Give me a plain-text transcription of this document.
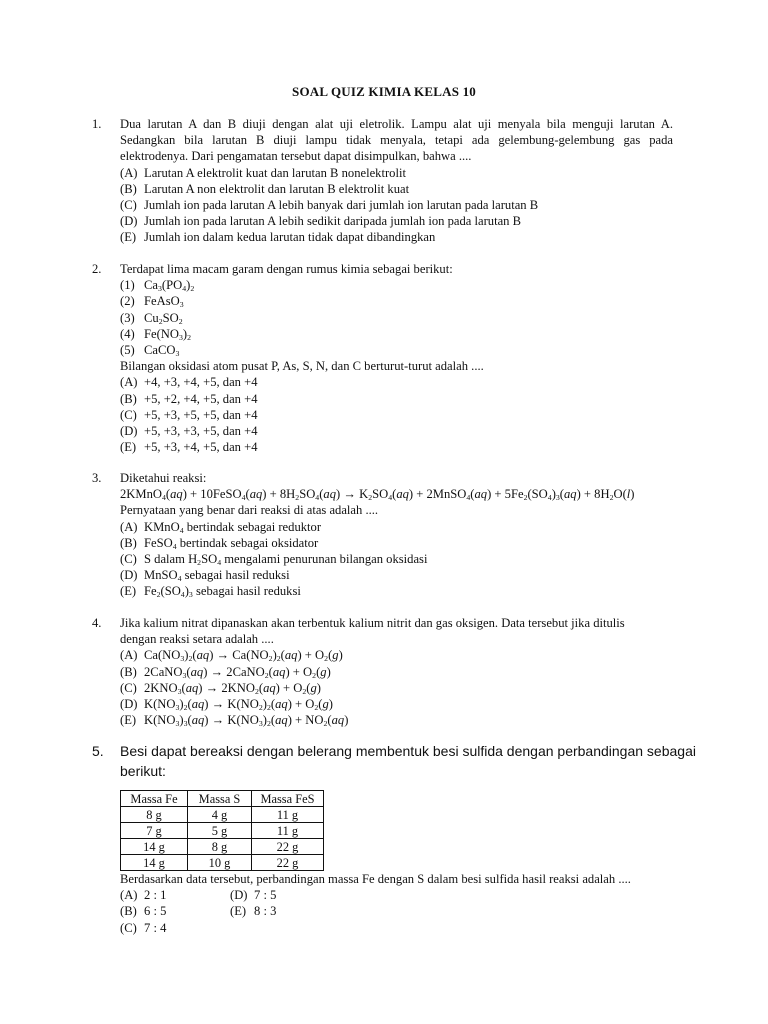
SOAL QUIZ KIMIA KELAS 10
1. Dua larutan A dan B diuji dengan alat uji eletrolik. Lampu alat uji menyala bila menguji larutan A. Sedangkan bila larutan B diuji lampu tidak menyala, tetapi ada gelembung-gelembung gas pada elektrodenya. Dari pengamatan tersebut dapat disimpulkan, bahwa ....
(A) Larutan A elektrolit kuat dan larutan B nonelektrolit
(B) Larutan A non elektrolit dan larutan B elektrolit kuat
(C) Jumlah ion pada larutan A lebih banyak dari jumlah ion larutan pada larutan B
(D) Jumlah ion pada larutan A lebih sedikit daripada jumlah ion pada larutan B
(E) Jumlah ion dalam kedua larutan tidak dapat dibandingkan
2. Terdapat lima macam garam dengan rumus kimia sebagai berikut:
(1) $Ca_3(PO_4)_2$
(2) FeAsO$_3$
(3) $Cu_2SO_2$
(4) $Fe(NO_3)_2$
(5) CaCO$_3$
Bilangan oksidasi atom pusat P, As, S, N, dan C berturut-turut adalah ....
(A) +4, +3, +4, +5, dan +4
(B) +5, +2, +4, +5, dan +4
(C) +5, +3, +5, +5, dan +4
(D) +5, +3, +3, +5, dan +4
(E) +5, +3, +4, +5, dan +4
3. Diketahui reaksi:
2KMnO$_4$(aq) + 10FeSO$_4$(aq) + $8H_2SO_4(aq) \to K_2SO_4(aq)$ + 2MnSO$_4$(aq) + $5Fe_2(SO_4)_3(aq) + 8H_2O(l)$
Pernyataan yang benar dari reaksi di atas adalah ....
(A) KMnO$_4$ bertindak sebagai reduktor
(B) FeSO$_4$ bertindak sebagai oksidator
(C) S dalam $H_2SO_4$ mengalami penurunan bilangan oksidasi
(D) MnSO$_4$ sebagai hasil reduksi
(E) $Fe_2(SO_4)_3$ sebagai hasil reduksi
4. Jika kalium nitrat dipanaskan akan terbentuk kalium nitrit dan gas oksigen. Data tersebut jika ditulis
dengan reaksi setara adalah ....
(A) $Ca(NO_3)_2(aq) \to Ca(NO_2)_2(aq) + O_2(g)$
(B) 2CaNO$_3$(aq) → 2CaNO$_2$(aq) + $O_2(g)$
(C) $2KNO_3(aq) \to 2KNO_2(aq) + O_2(g)$
(D) $K(NO_3)_2(aq) \to K(NO_2)_2(aq) + O_2(g)$
(E) $K(NO_3)_3(aq) \to K(NO_3)_2(aq) + NO_2(aq)$
5. Besi dapat bereaksi dengan belerang membentuk besi sulfida dengan perbandingan sebagai
berikut:
Massa Fe	Massa S	Massa FeS
8 g	4 g	11 g
7 g	5 g	11 g
14 g	8 g	22 g
14 g	10 g	22 g
Berdasarkan data tersebut, perbandingan massa Fe dengan S dalam besi sulfida hasil reaksi adalah ....
(A) 2 : 1	(D) 7 : 5
(B) 6 : 5	(E) 8 : 3
(C) 7 : 4
